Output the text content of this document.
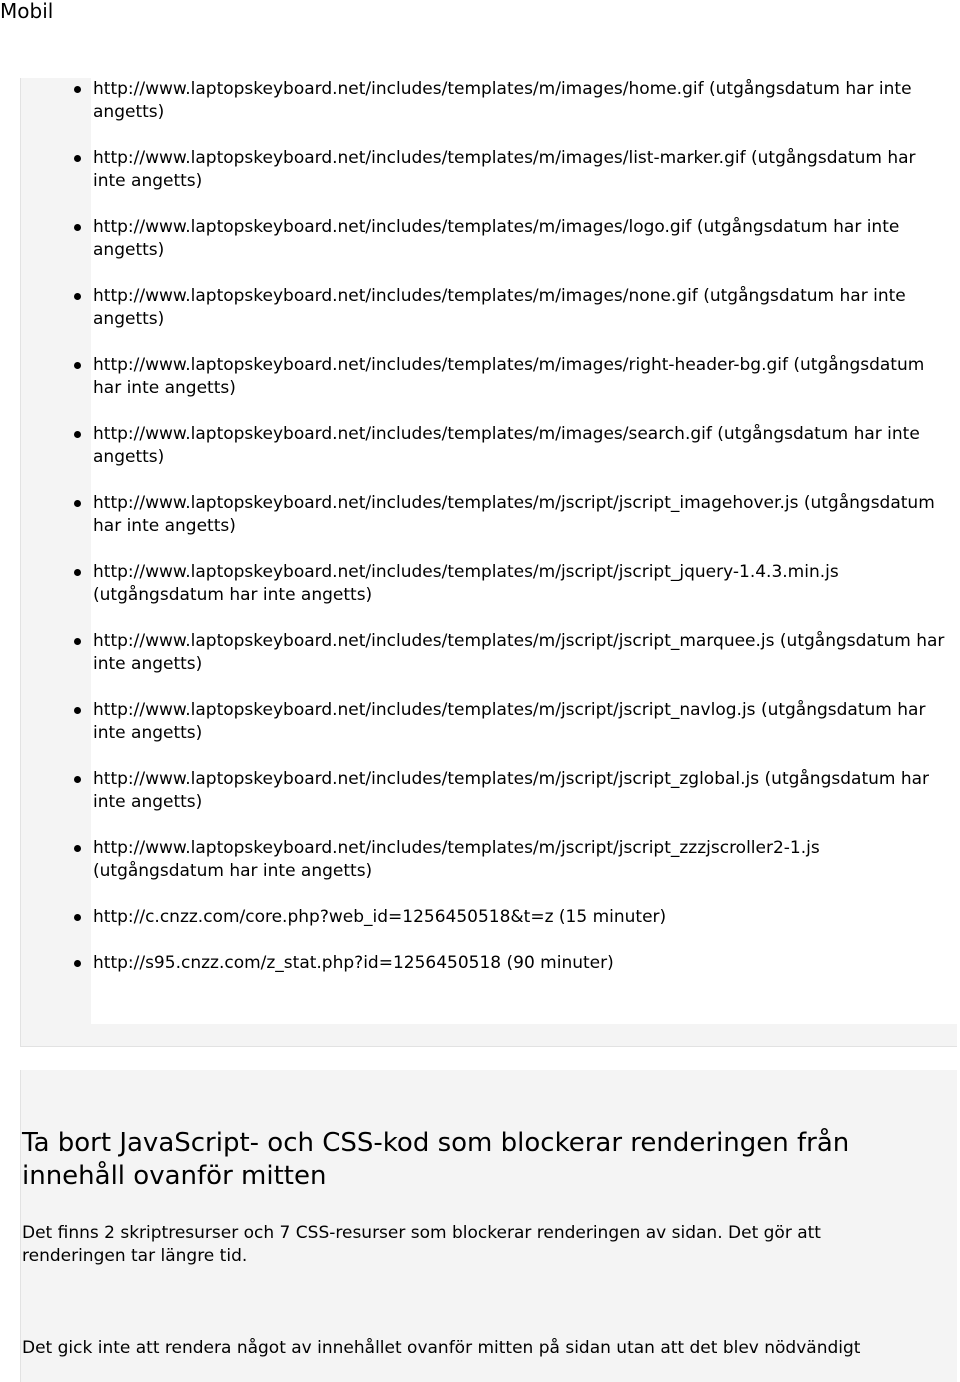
Mobil
http://www.laptopskeyboard.net/includes/templates/m/images/home.gif (utgångsdatum har inte angetts)
http://www.laptopskeyboard.net/includes/templates/m/images/list-marker.gif (utgångsdatum har inte angetts)
http://www.laptopskeyboard.net/includes/templates/m/images/logo.gif (utgångsdatum har inte angetts)
http://www.laptopskeyboard.net/includes/templates/m/images/none.gif (utgångsdatum har inte angetts)
http://www.laptopskeyboard.net/includes/templates/m/images/right-header-bg.gif (utgångsdatum har inte angetts)
http://www.laptopskeyboard.net/includes/templates/m/images/search.gif (utgångsdatum har inte angetts)
http://www.laptopskeyboard.net/includes/templates/m/jscript/jscript_imagehover.js (utgångsdatum har inte angetts)
http://www.laptopskeyboard.net/includes/templates/m/jscript/jscript_jquery-1.4.3.min.js (utgångsdatum har inte angetts)
http://www.laptopskeyboard.net/includes/templates/m/jscript/jscript_marquee.js (utgångsdatum har inte angetts)
http://www.laptopskeyboard.net/includes/templates/m/jscript/jscript_navlog.js (utgångsdatum har inte angetts)
http://www.laptopskeyboard.net/includes/templates/m/jscript/jscript_zglobal.js (utgångsdatum har inte angetts)
http://www.laptopskeyboard.net/includes/templates/m/jscript/jscript_zzzjscroller2-1.js (utgångsdatum har inte angetts)
http://c.cnzz.com/core.php?web_id=1256450518&t=z (15 minuter)
http://s95.cnzz.com/z_stat.php?id=1256450518 (90 minuter)
Ta bort JavaScript- och CSS-kod som blockerar renderingen från innehåll ovanför mitten

Det finns 2 skriptresurser och 7 CSS-resurser som blockerar renderingen av sidan. Det gör att renderingen tar längre tid.

Det gick inte att rendera något av innehållet ovanför mitten på sidan utan att det blev nödvändigt
